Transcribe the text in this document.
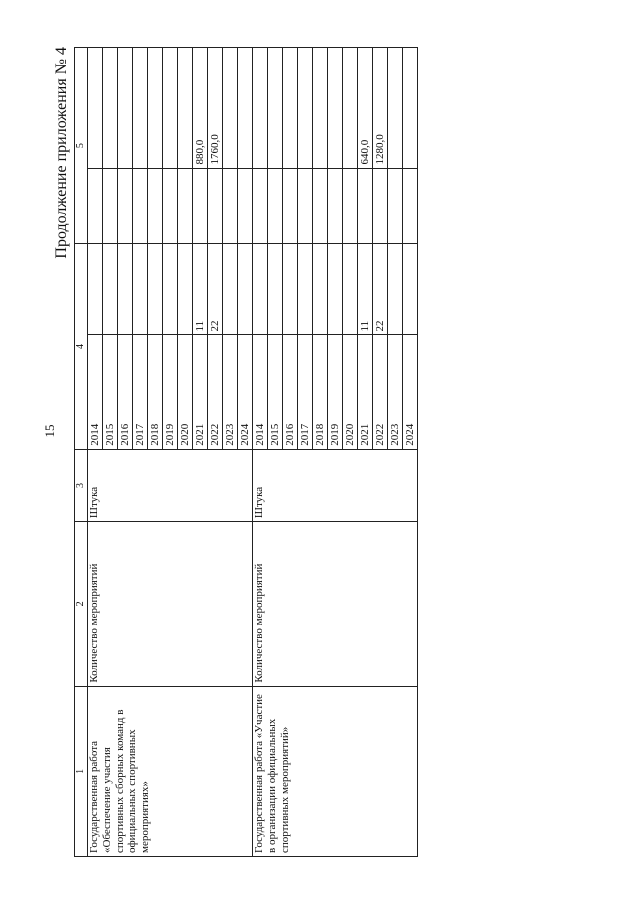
15
Продолжение приложения № 4
1	2	3	4		5	
Государственная работа «Обеспечение участия спортивных сборных команд в официальных спортивных мероприятиях»	Количество мероприятий	Штука	2014			
			2015			
			2016			
			2017			
			2018			
			2019			
			2020			
			2021	11		880,0
			2022	22		1760,0
			2023			
			2024			
Государственная работа «Участие в организации официальных спортивных мероприятий»	Количество мероприятий	Штука	2014			
			2015			
			2016			
			2017			
			2018			
			2019			
			2020			
			2021	11		640,0
			2022	22		1280,0
			2023			
			2024			
